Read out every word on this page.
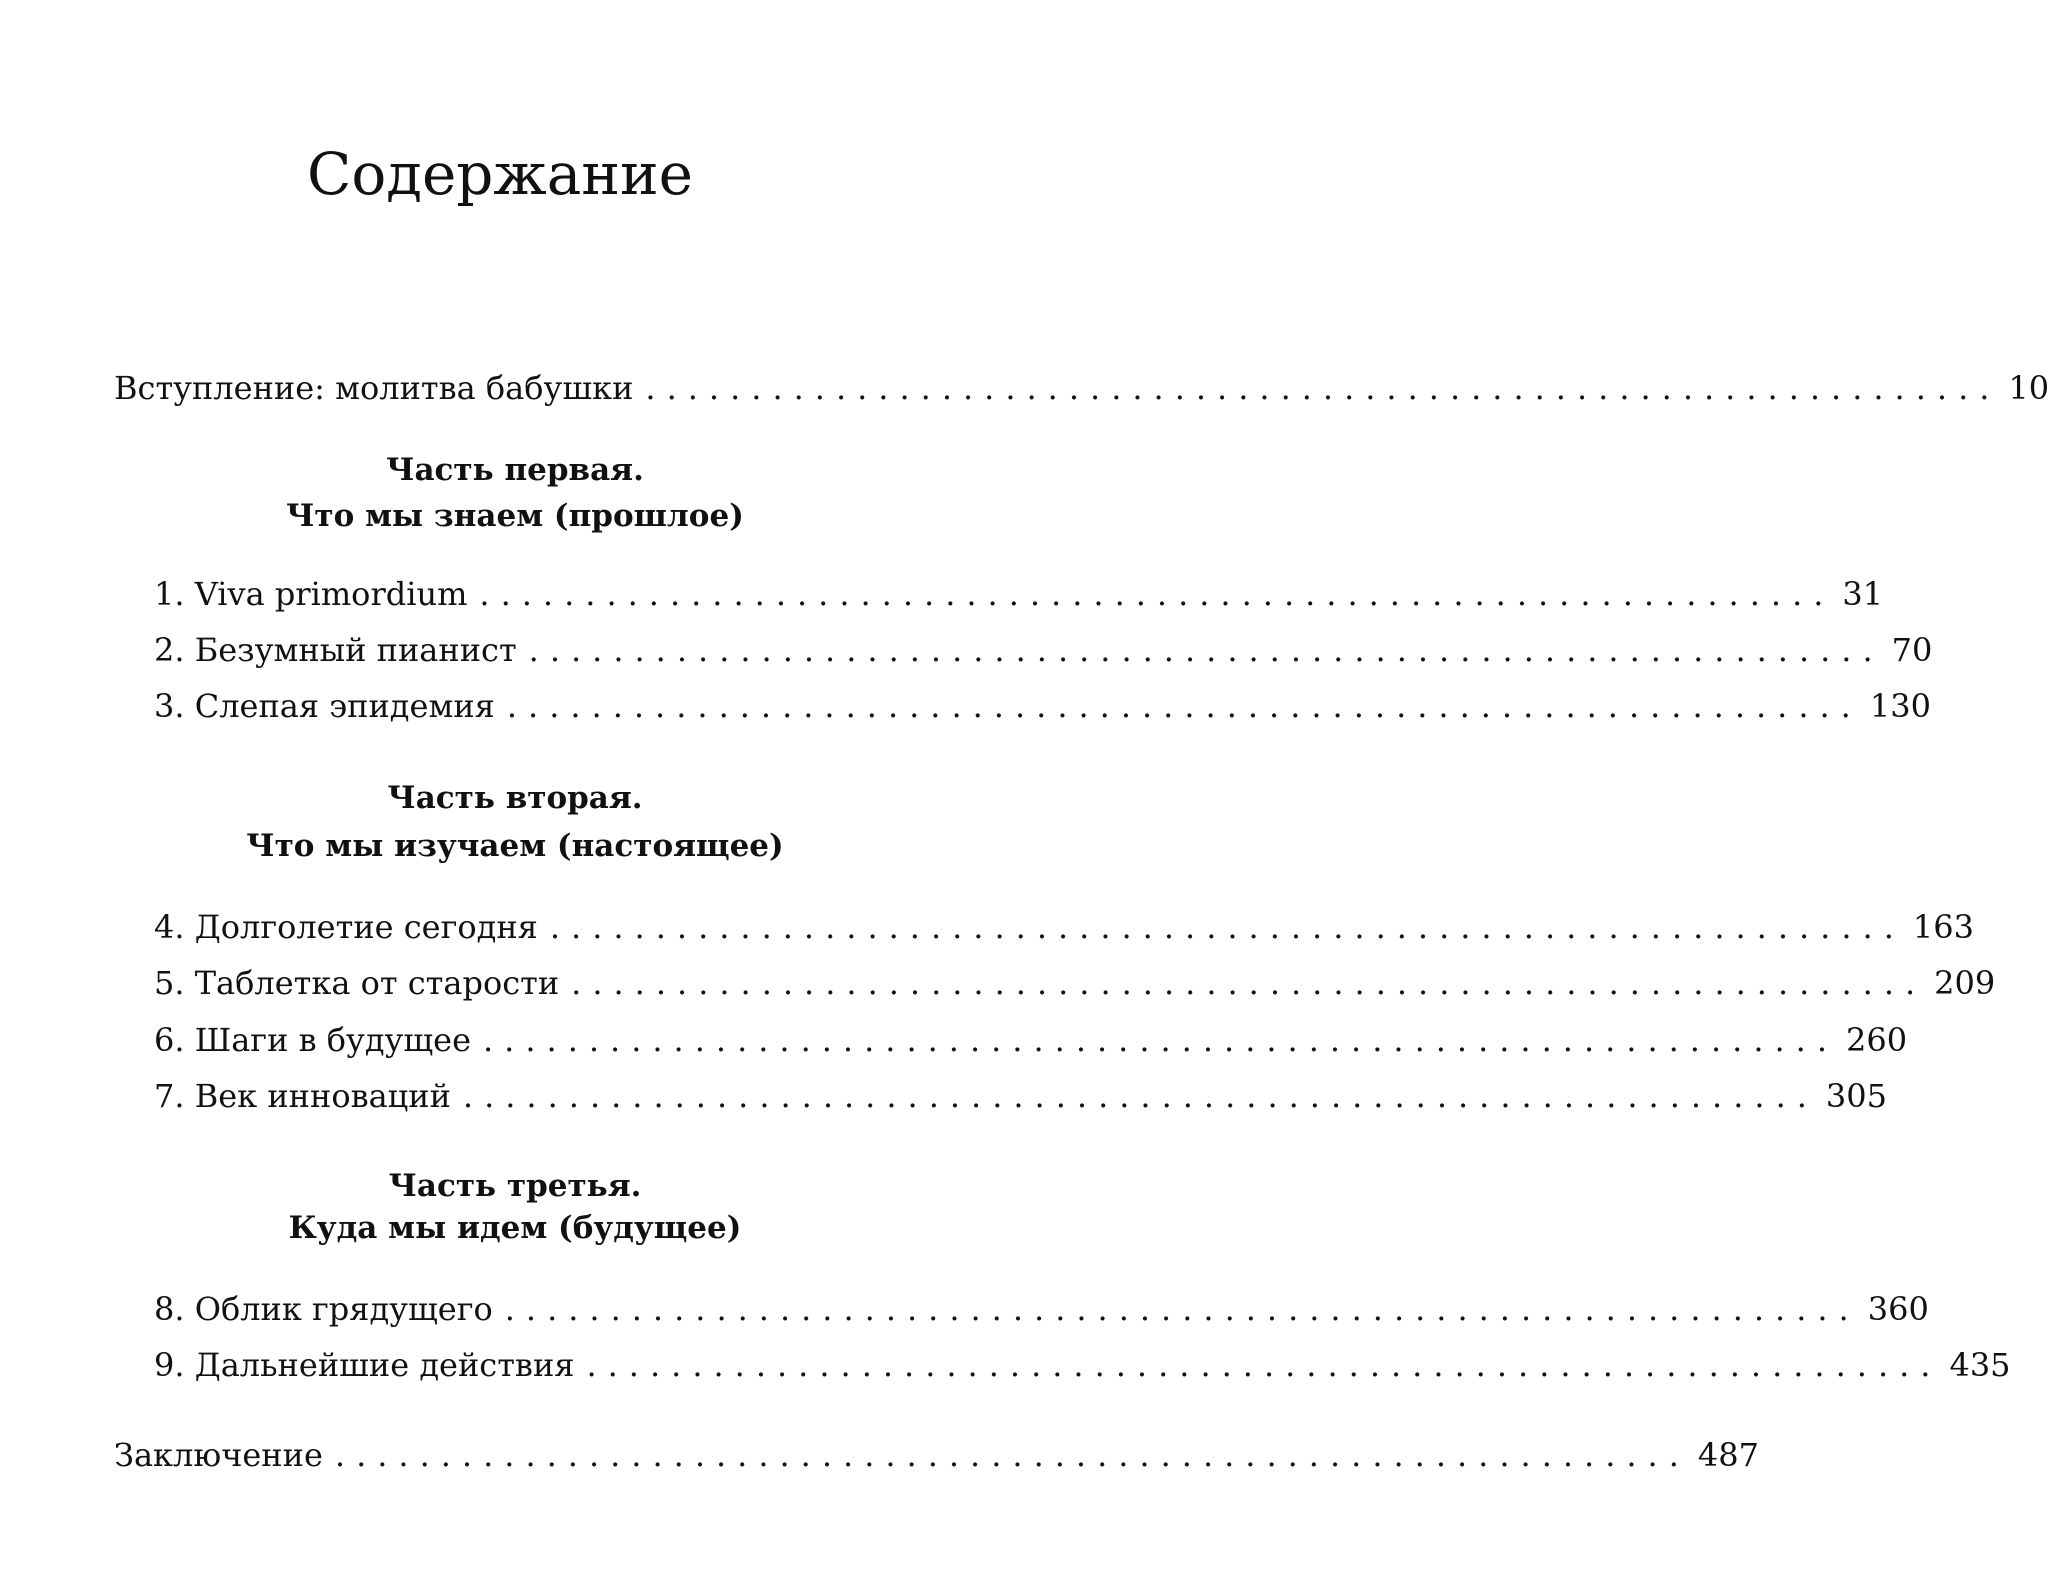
Содержание
Вступление: молитва бабушки ................................................................ 10
Часть первая.
Что мы знаем (прошлое)
1. Viva primordium ................................................................ 31
2. Безумный пианист ................................................................ 70
3. Слепая эпидемия ................................................................ 130
Часть вторая.
Что мы изучаем (настоящее)
4. Долголетие сегодня ................................................................ 163
5. Таблетка от старости ................................................................ 209
6. Шаги в будущее ................................................................ 260
7. Век инноваций ................................................................ 305
Часть третья.
Куда мы идем (будущее)
8. Облик грядущего ................................................................ 360
9. Дальнейшие действия ................................................................ 435
Заключение ................................................................ 487
